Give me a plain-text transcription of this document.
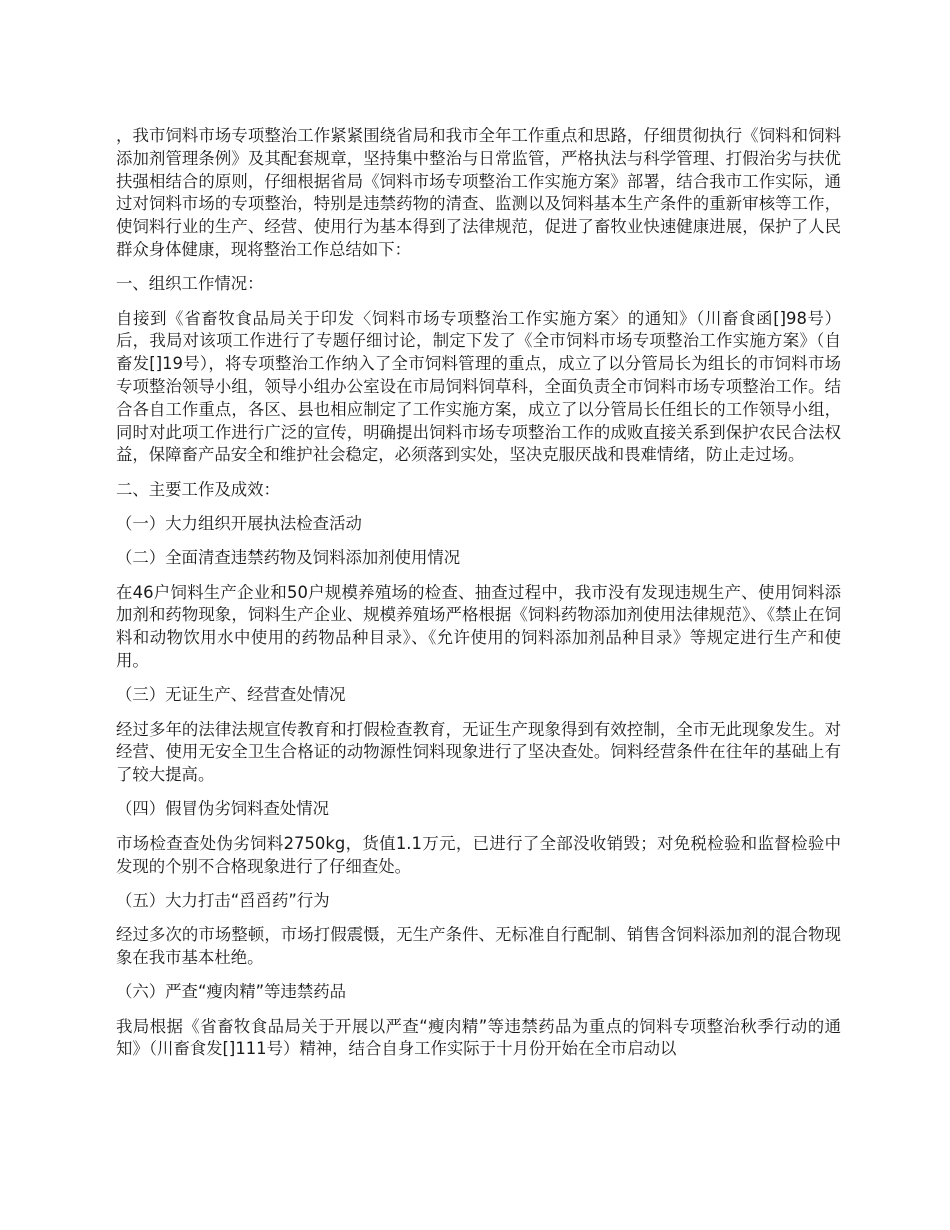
，我市饲料市场专项整治工作紧紧围绕省局和我市全年工作重点和思路，仔细贯彻执行《饲料和饲料添加剂管理条例》及其配套规章，坚持集中整治与日常监管，严格执法与科学管理、打假治劣与扶优扶强相结合的原则，仔细根据省局《饲料市场专项整治工作实施方案》部署，结合我市工作实际，通过对饲料市场的专项整治，特别是违禁药物的清查、监测以及饲料基本生产条件的重新审核等工作，使饲料行业的生产、经营、使用行为基本得到了法律规范，促进了畜牧业快速健康进展，保护了人民群众身体健康，现将整治工作总结如下：

一、组织工作情况：

自接到《省畜牧食品局关于印发〈饲料市场专项整治工作实施方案〉的通知》（川畜食函[]98号）后，我局对该项工作进行了专题仔细讨论，制定下发了《全市饲料市场专项整治工作实施方案》（自畜发[]19号），将专项整治工作纳入了全市饲料管理的重点，成立了以分管局长为组长的市饲料市场专项整治领导小组，领导小组办公室设在市局饲料饲草科，全面负责全市饲料市场专项整治工作。结合各自工作重点，各区、县也相应制定了工作实施方案，成立了以分管局长任组长的工作领导小组，同时对此项工作进行广泛的宣传，明确提出饲料市场专项整治工作的成败直接关系到保护农民合法权益，保障畜产品安全和维护社会稳定，必须落到实处，坚决克服厌战和畏难情绪，防止走过场。

二、主要工作及成效：

（一）大力组织开展执法检查活动

（二）全面清查违禁药物及饲料添加剂使用情况

在46户饲料生产企业和50户规模养殖场的检查、抽查过程中，我市没有发现违规生产、使用饲料添加剂和药物现象，饲料生产企业、规模养殖场严格根据《饲料药物添加剂使用法律规范》、《禁止在饲料和动物饮用水中使用的药物品种目录》、《允许使用的饲料添加剂品种目录》等规定进行生产和使用。

（三）无证生产、经营查处情况

经过多年的法律法规宣传教育和打假检查教育，无证生产现象得到有效控制，全市无此现象发生。对经营、使用无安全卫生合格证的动物源性饲料现象进行了坚决查处。饲料经营条件在往年的基础上有了较大提高。

（四）假冒伪劣饲料查处情况

市场检查查处伪劣饲料2750kg，货值1.1万元，已进行了全部没收销毁；对免税检验和监督检验中发现的个别不合格现象进行了仔细查处。

（五）大力打击“舀舀药”行为

经过多次的市场整顿，市场打假震慑，无生产条件、无标准自行配制、销售含饲料添加剂的混合物现象在我市基本杜绝。

（六）严查“瘦肉精”等违禁药品

我局根据《省畜牧食品局关于开展以严查“瘦肉精”等违禁药品为重点的饲料专项整治秋季行动的通知》（川畜食发[]111号）精神，结合自身工作实际于十月份开始在全市启动以
